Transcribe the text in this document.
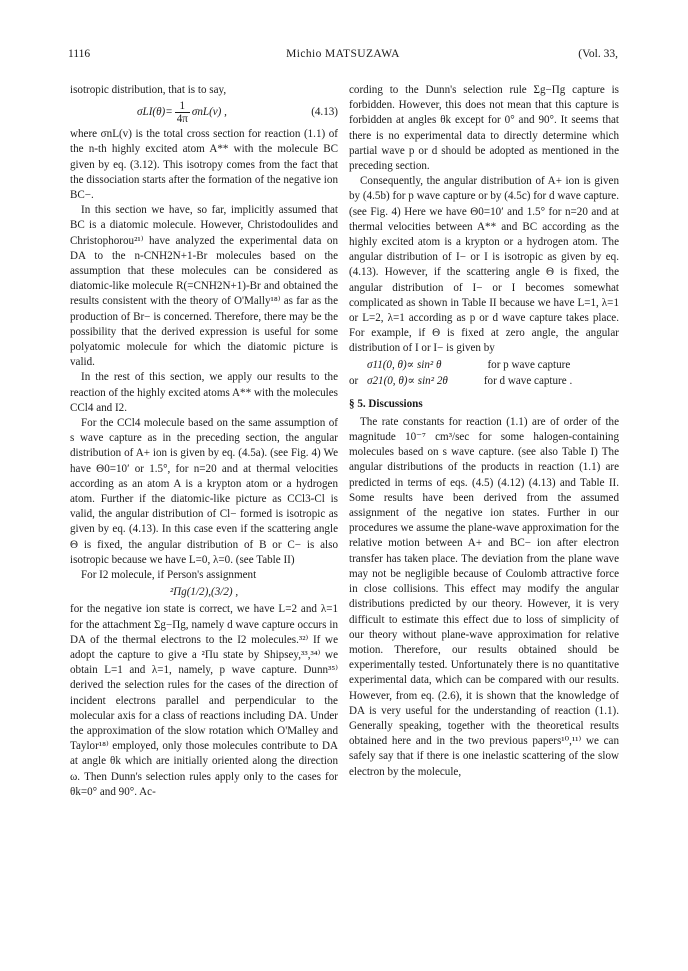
1116	Michio MATSUZAWA	(Vol. 33,

isotropic distribution, that is to say,

$\sigma LI(\theta)= \frac{1}{4\pi} \sigma nL(v)$ ,	(4.13)

where σnL(v) is the total cross section for reaction (1.1) of the n-th highly excited atom A** with the molecule BC given by eq. (3.12). This isotropy comes from the fact that the dissociation starts after the formation of the negative ion BC−.

In this section we have, so far, implicitly assumed that BC is a diatomic molecule. However, Christodoulides and Christophorou²¹⁾ have analyzed the experimental data on DA to the n-CNH2N+1-Br molecules based on the assumption that these molecules can be considered as diatomic-like molecule R(=CNH2N+1)-Br and obtained the results consistent with the theory of O'Mally¹⁸⁾ as far as the production of Br− is concerned. Therefore, there may be the possibility that the derived expression is useful for some polyatomic molecule for which the diatomic picture is valid.

In the rest of this section, we apply our results to the reaction of the highly excited atoms A** with the molecules CCl4 and I2.

For the CCl4 molecule based on the same assumption of s wave capture as in the preceding section, the angular distribution of A+ ion is given by eq. (4.5a). (see Fig. 4) We have Θ0=10′ or 1.5°, for n=20 and at thermal velocities according as an atom A is a krypton atom or a hydrogen atom. Further if the diatomic-like picture as CCl3-Cl is valid, the angular distribution of Cl− formed is isotropic as given by eq. (4.13). In this case even if the scattering angle Θ is fixed, the angular distribution of B or C− is also isotropic because we have L=0, λ=0. (see Table II)

For I2 molecule, if Person's assignment

²Πg(1/2),(3/2) ,

for the negative ion state is correct, we have L=2 and λ=1 for the attachment Σg−Πg, namely d wave capture occurs in DA of the thermal electrons to the I2 molecules.³²⁾ If we adopt the capture to give a ²Πu state by Shipsey,³³,³⁴⁾ we obtain L=1 and λ=1, namely, p wave capture. Dunn³⁵⁾ derived the selection rules for the cases of the direction of incident electrons parallel and perpendicular to the molecular axis for a class of reactions including DA. Under the approximation of the slow rotation which O'Malley and Taylor¹⁸⁾ employed, only those molecules contribute to DA at angle θk which are initially oriented along the direction ω. Then Dunn's selection rules apply only to the cases for θk=0° and 90°. Ac-

cording to the Dunn's selection rule Σg−Πg capture is forbidden. However, this does not mean that this capture is forbidden at angles θk except for 0° and 90°. It seems that there is no experimental data to directly determine which partial wave p or d should be adopted as mentioned in the preceding section.

Consequently, the angular distribution of A+ ion is given by (4.5b) for p wave capture or by (4.5c) for d wave capture. (see Fig. 4) Here we have Θ0=10′ and 1.5° for n=20 and at thermal velocities between A** and BC according as the highly excited atom is a krypton or a hydrogen atom. The angular distribution of I− or I is isotropic as given by eq. (4.13). However, if the scattering angle Θ is fixed, the angular distribution of I− or I becomes somewhat complicated as shown in Table II because we have L=1, λ=1 or L=2, λ=1 according as p or d wave capture takes place. For example, if Θ is fixed at zero angle, the angular distribution of I or I− is given by

σ11(0, θ)∝ sin² θ	for p wave capture
or σ21(0, θ)∝ sin² 2θ	for d wave capture .
§ 5. Discussions

The rate constants for reaction (1.1) are of order of the magnitude 10⁻⁷ cm³/sec for some halogen-containing molecules based on s wave capture. (see also Table I) The angular distributions of the products in reaction (1.1) are predicted in terms of eqs. (4.5) (4.12) (4.13) and Table II. Some results have been derived from the assumed assignment of the negative ion states. Further in our procedures we assume the plane-wave approximation for the relative motion between A+ and BC− ion after electron transfer has taken place. The deviation from the plane wave may not be negligible because of Coulomb attractive force in close collisions. This effect may modify the angular distributions predicted by our theory. However, it is very difficult to estimate this effect due to loss of simplicity of our theory without plane-wave approximation for relative motion. Therefore, our results obtained should be experimentally tested. Unfortunately there is no quantitative experimental data, which can be compared with our results. However, from eq. (2.6), it is shown that the knowledge of DA is very useful for the understanding of reaction (1.1). Generally speaking, together with the theoretical results obtained here and in the two previous papers¹⁰,¹¹⁾ we can safely say that if there is one inelastic scattering of the slow electron by the molecule,
